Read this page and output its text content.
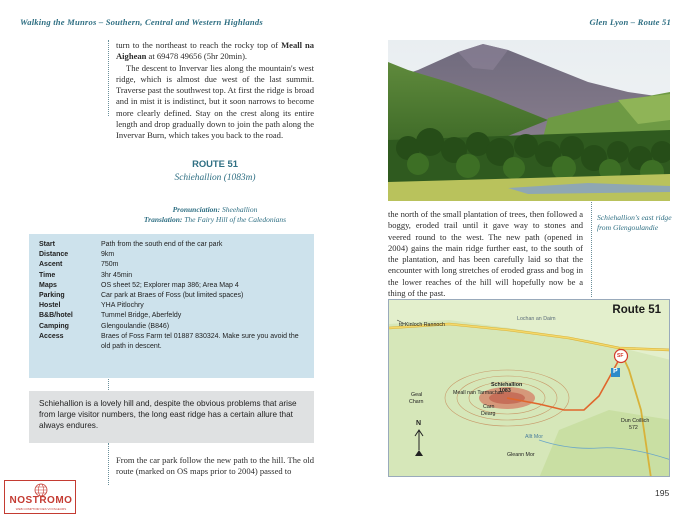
Walking the Munros – Southern, Central and Western Highlands	Glen Lyon – Route 51
turn to the northeast to reach the rocky top of Meall na Aighean at 69478 49656 (5hr 20min).
The descent to Invervar lies along the mountain's west ridge, which is almost due west of the last summit. Traverse past the southwest top. At first the ridge is broad and in mist it is indistinct, but it soon narrows to become more clearly defined. Stay on the crest along its entire length and drop gradually down to join the path along the Invervar Burn, which takes you back to the road.
ROUTE 51
Schiehallion (1083m)
Pronunciation: Sheehallion
Translation: The Fairy Hill of the Caledonians
Start	Path from the south end of the car park
Distance	9km
Ascent	750m
Time	3hr 45min
Maps	OS sheet 52; Explorer map 386; Area Map 4
Parking	Car park at Braes of Foss (but limited spaces)
Hostel	YHA Pitlochry
B&B/hotel	Tummel Bridge, Aberfeldy
Camping	Glengoulandie (B846)
Access	Braes of Foss Farm tel 01887 830324. Make sure you avoid the old path in descent.
Schiehallion is a lovely hill and, despite the obvious problems that arise from large visitor numbers, the long east ridge has a certain allure that always endures.
From the car park follow the new path to the hill. The old route (marked on OS maps prior to 2004) passed to
Schiehallion's east ridge from Glengoulandie
the north of the small plantation of trees, then followed a boggy, eroded trail until it gave way to stones and veered round to the west. The new path (opened in 2004) gains the main ridge further east, to the south of the plantation, and has been carefully laid so that the encounter with long stretches of eroded grass and bog in the lower reaches of the hill will hopefully now be a thing of the past.
Route 51
to Kinloch Rannoch
Lochan an Daim
Schiehallion
1083
Meall nan Tarmachan
Geal
Charn
Carn
Dearg
Allt Mor
Dun Coillich
572
Gleann Mor
SF
P
N
195
NOSTROMO
WEB COMPTOIR DES VOYAGEURS
